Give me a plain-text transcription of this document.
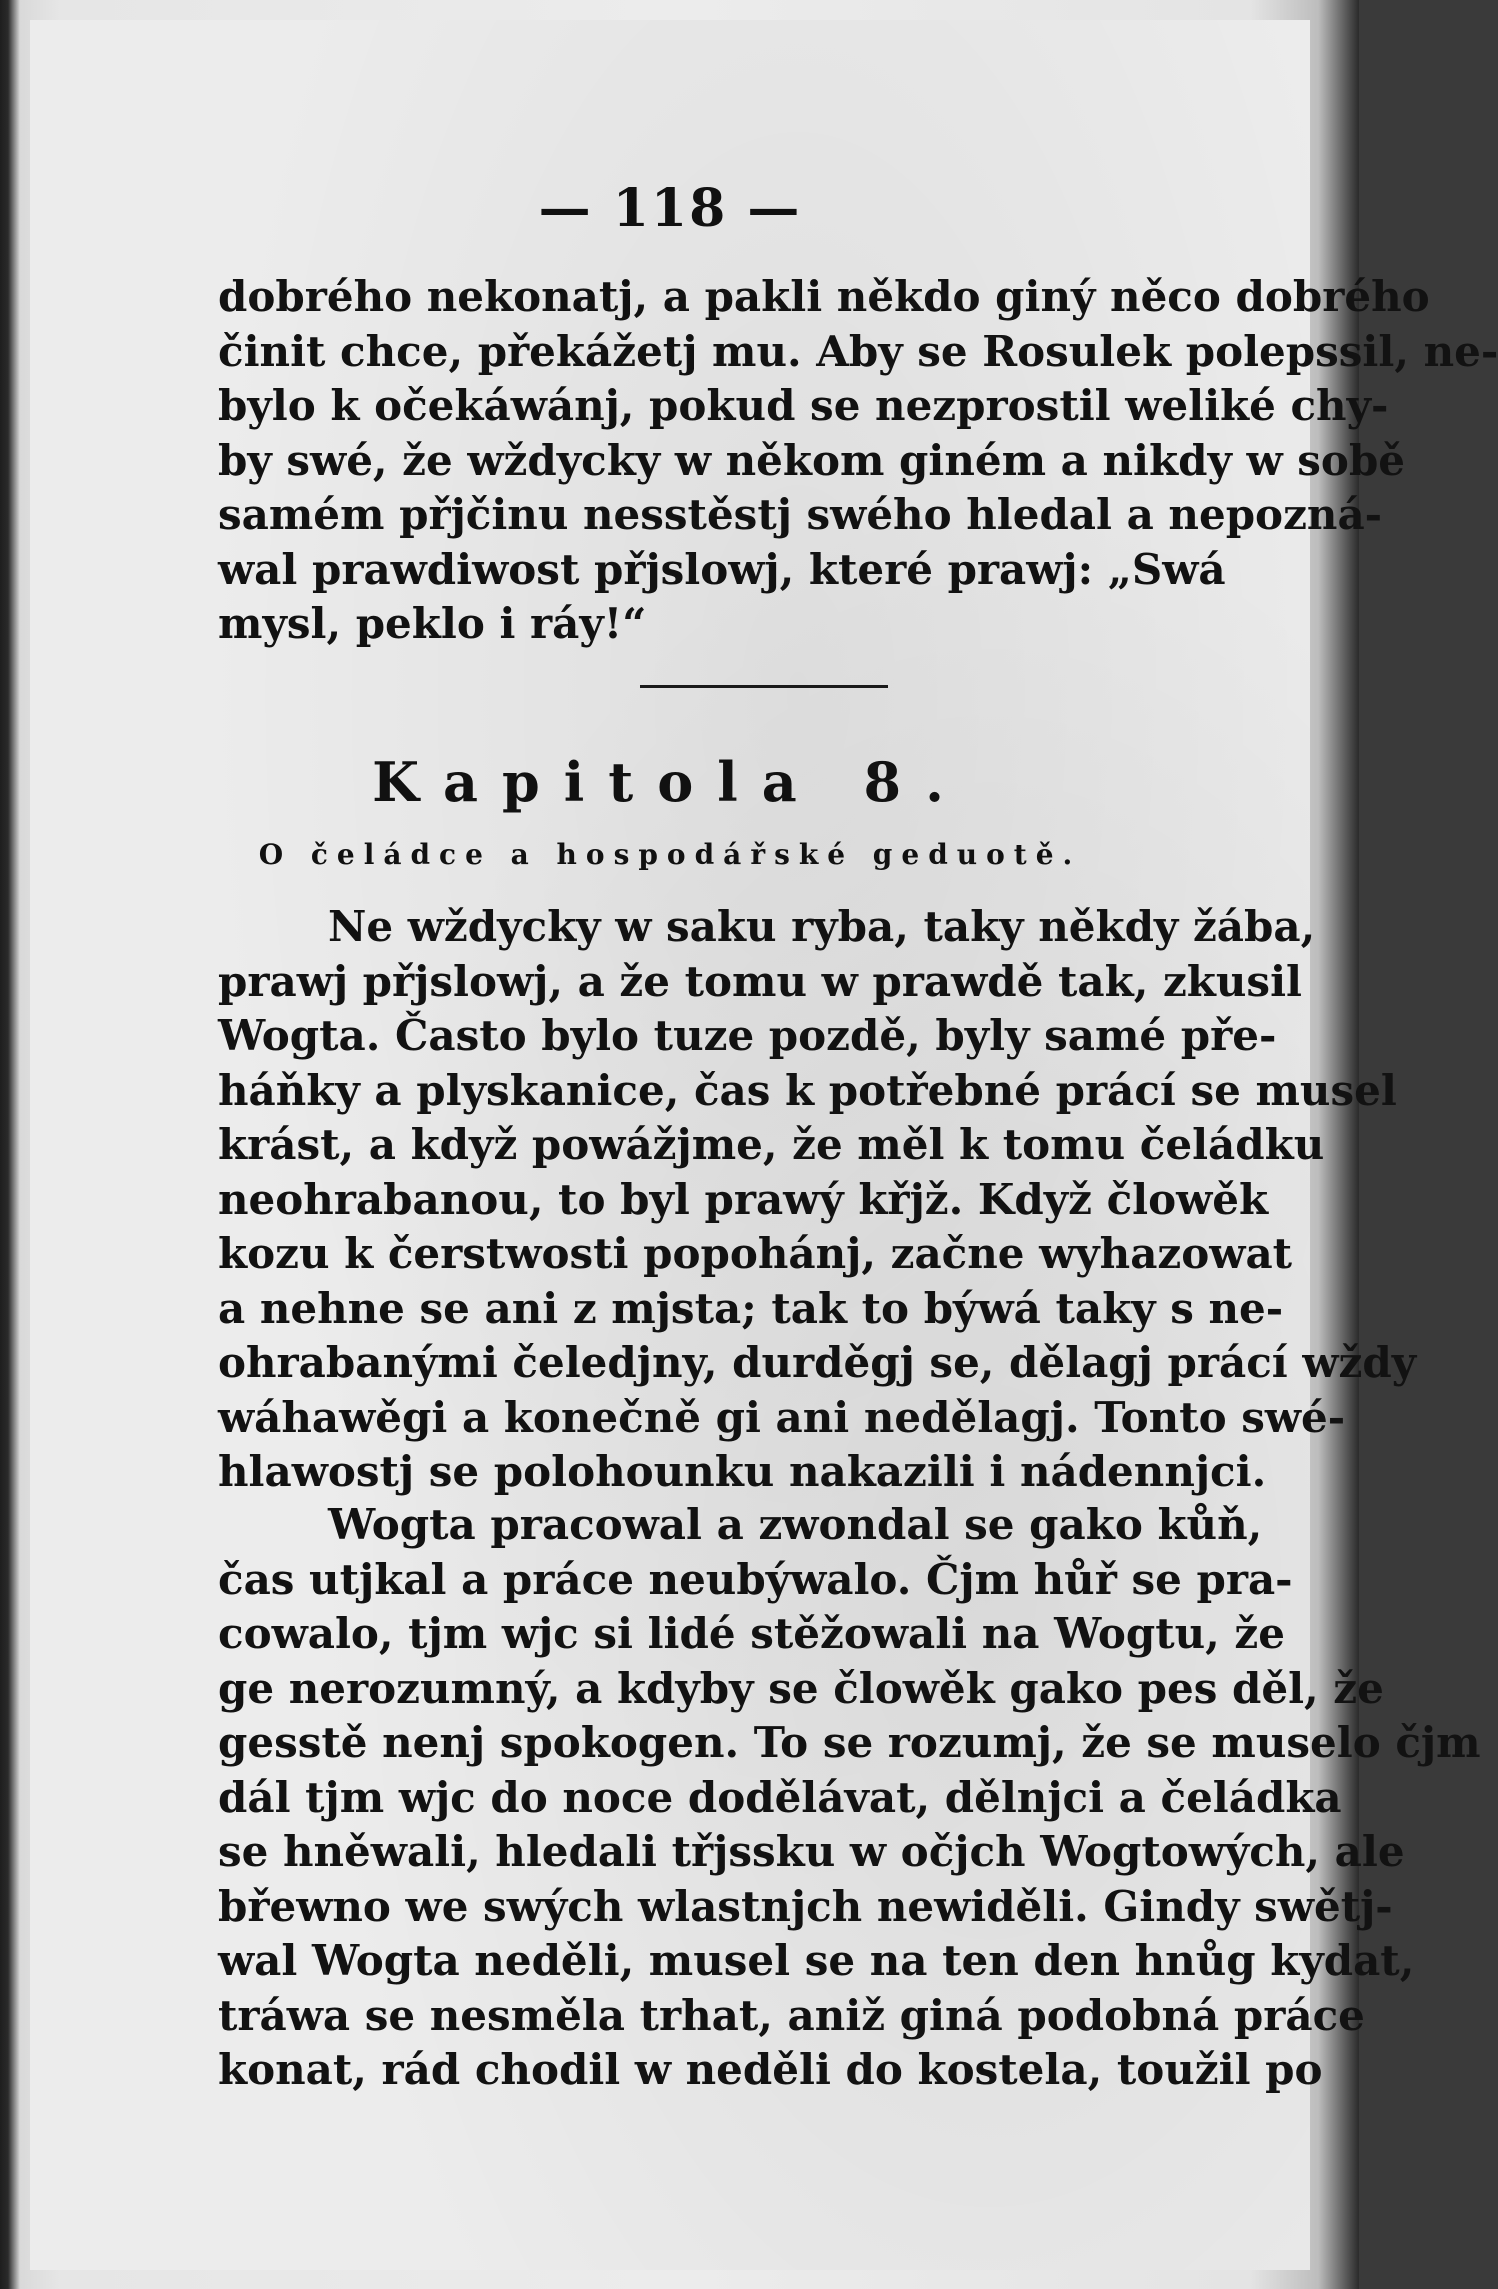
— 118 —
dobrého nekonatj, a pakli někdo giný něco dobrého
činit chce, překážetj mu. Aby se Rosulek polepssil, ne-
bylo k očekáwánj, pokud se nezprostil weliké chy-
by swé, že wždycky w někom giném a nikdy w sobě
samém přjčinu nesstěstj swého hledal a nepozná-
wal prawdiwost přjslowj, které prawj: „Swá
mysl, peklo i ráy!“
Kapitola 8.
O čeládce a hospodářské geduotě.
Ne wždycky w saku ryba, taky někdy žába,
prawj přjslowj, a že tomu w prawdě tak, zkusil
Wogta. Často bylo tuze pozdě, byly samé pře-
háňky a plyskanice, čas k potřebné prácí se musel
krást, a když powážjme, že měl k tomu čeládku
neohrabanou, to byl prawý křjž. Když člowěk
kozu k čerstwosti popohánj, začne wyhazowat
a nehne se ani z mjsta; tak to býwá taky s ne-
ohrabanými čeledjny, durděgj se, dělagj prácí wždy
wáhawěgi a konečně gi ani nedělagj. Tonto swé-
hlawostj se polohounku nakazili i nádennjci.
Wogta pracowal a zwondal se gako kůň,
čas utjkal a práce neubýwalo. Čjm hůř se pra-
cowalo, tjm wjc si lidé stěžowali na Wogtu, že
ge nerozumný, a kdyby se člowěk gako pes děl, že
gesstě nenj spokogen. To se rozumj, že se muselo čjm
dál tjm wjc do noce dodělávat, dělnjci a čeládka
se hněwali, hledali třjssku w očjch Wogtowých, ale
břewno we swých wlastnjch newiděli. Gindy swětj-
wal Wogta neděli, musel se na ten den hnůg kydat,
tráwa se nesměla trhat, aniž giná podobná práce
konat, rád chodil w neděli do kostela, toužil po
